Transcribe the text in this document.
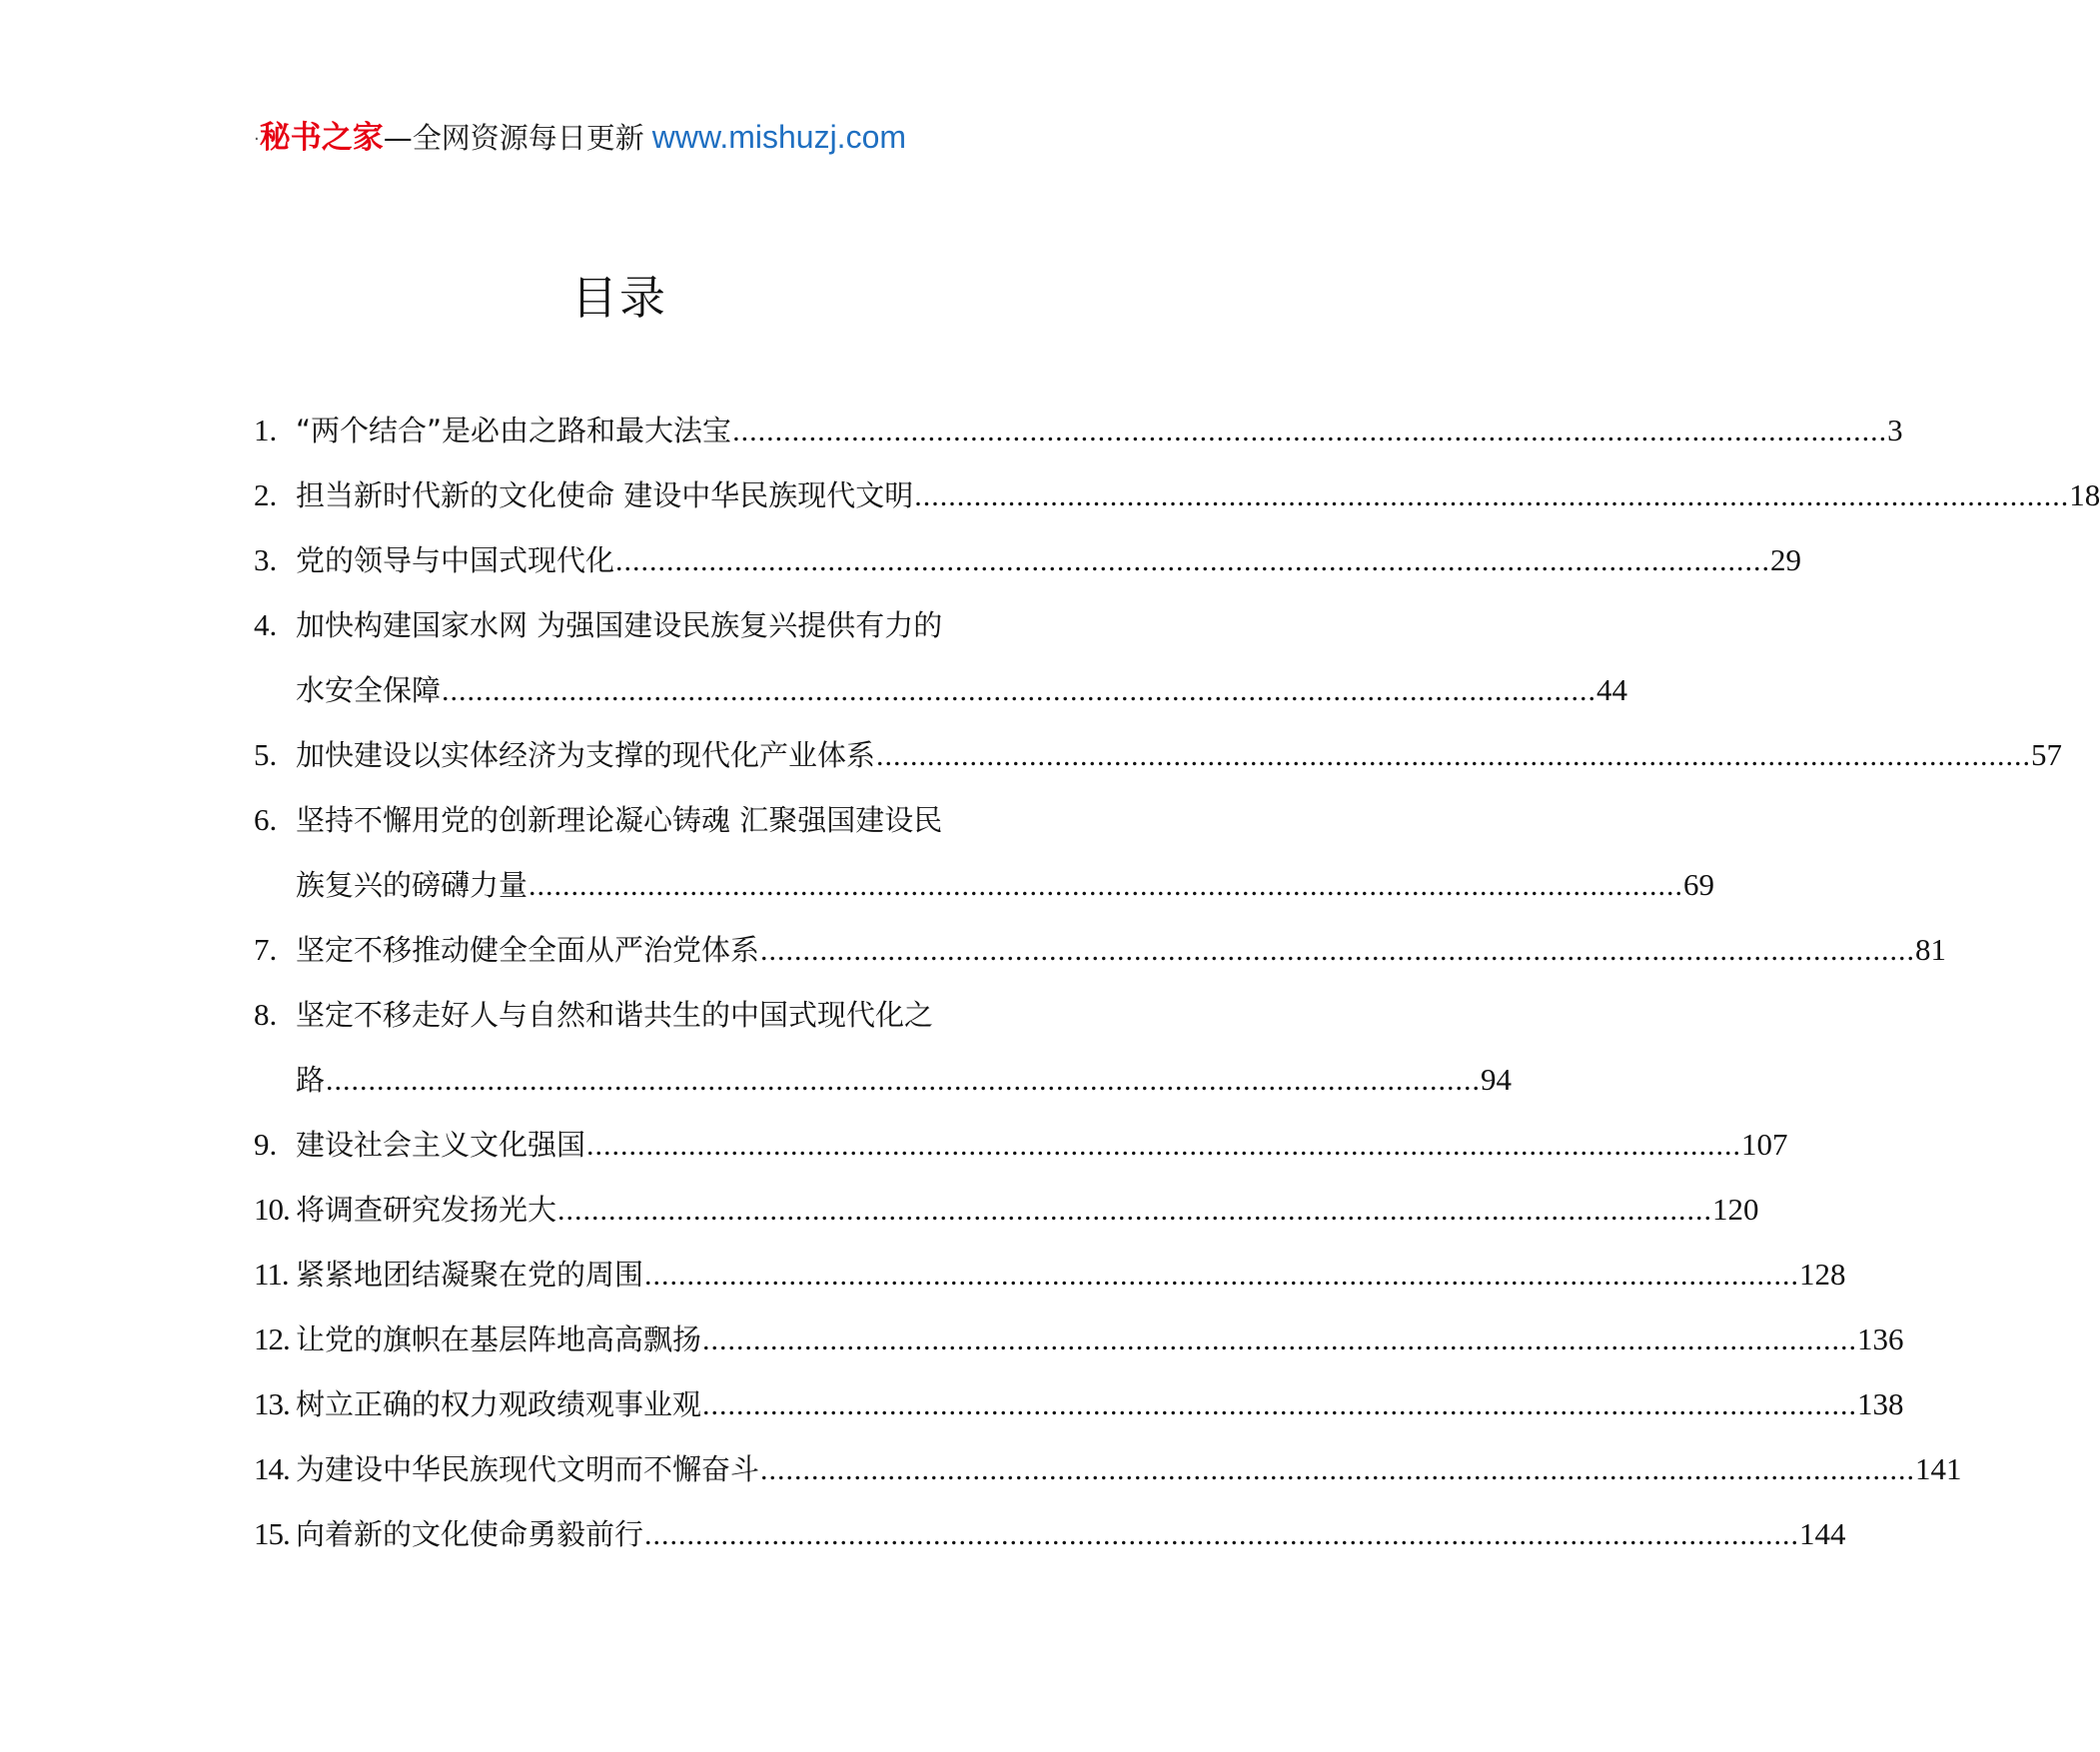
·秘书之家—全网资源每日更新 www.mishuzj.com
目录
1. “两个结合”是必由之路和最大法宝 ........................................................................................................................................ 3
2. 担当新时代新的文化使命 建设中华民族现代文明 ........................................................................................................................................ 18
3. 党的领导与中国式现代化 ........................................................................................................................................ 29
4. 加快构建国家水网 为强国建设民族复兴提供有力的
水安全保障 ........................................................................................................................................ 44
5. 加快建设以实体经济为支撑的现代化产业体系 ........................................................................................................................................ 57
6. 坚持不懈用党的创新理论凝心铸魂 汇聚强国建设民
族复兴的磅礴力量 ........................................................................................................................................ 69
7. 坚定不移推动健全全面从严治党体系 ........................................................................................................................................ 81
8. 坚定不移走好人与自然和谐共生的中国式现代化之
路 ........................................................................................................................................ 94
9. 建设社会主义文化强国 ........................................................................................................................................ 107
10. 将调查研究发扬光大 ........................................................................................................................................ 120
11. 紧紧地团结凝聚在党的周围 ........................................................................................................................................ 128
12. 让党的旗帜在基层阵地高高飘扬 ........................................................................................................................................ 136
13. 树立正确的权力观政绩观事业观 ........................................................................................................................................ 138
14. 为建设中华民族现代文明而不懈奋斗 ........................................................................................................................................ 141
15. 向着新的文化使命勇毅前行 ........................................................................................................................................ 144
